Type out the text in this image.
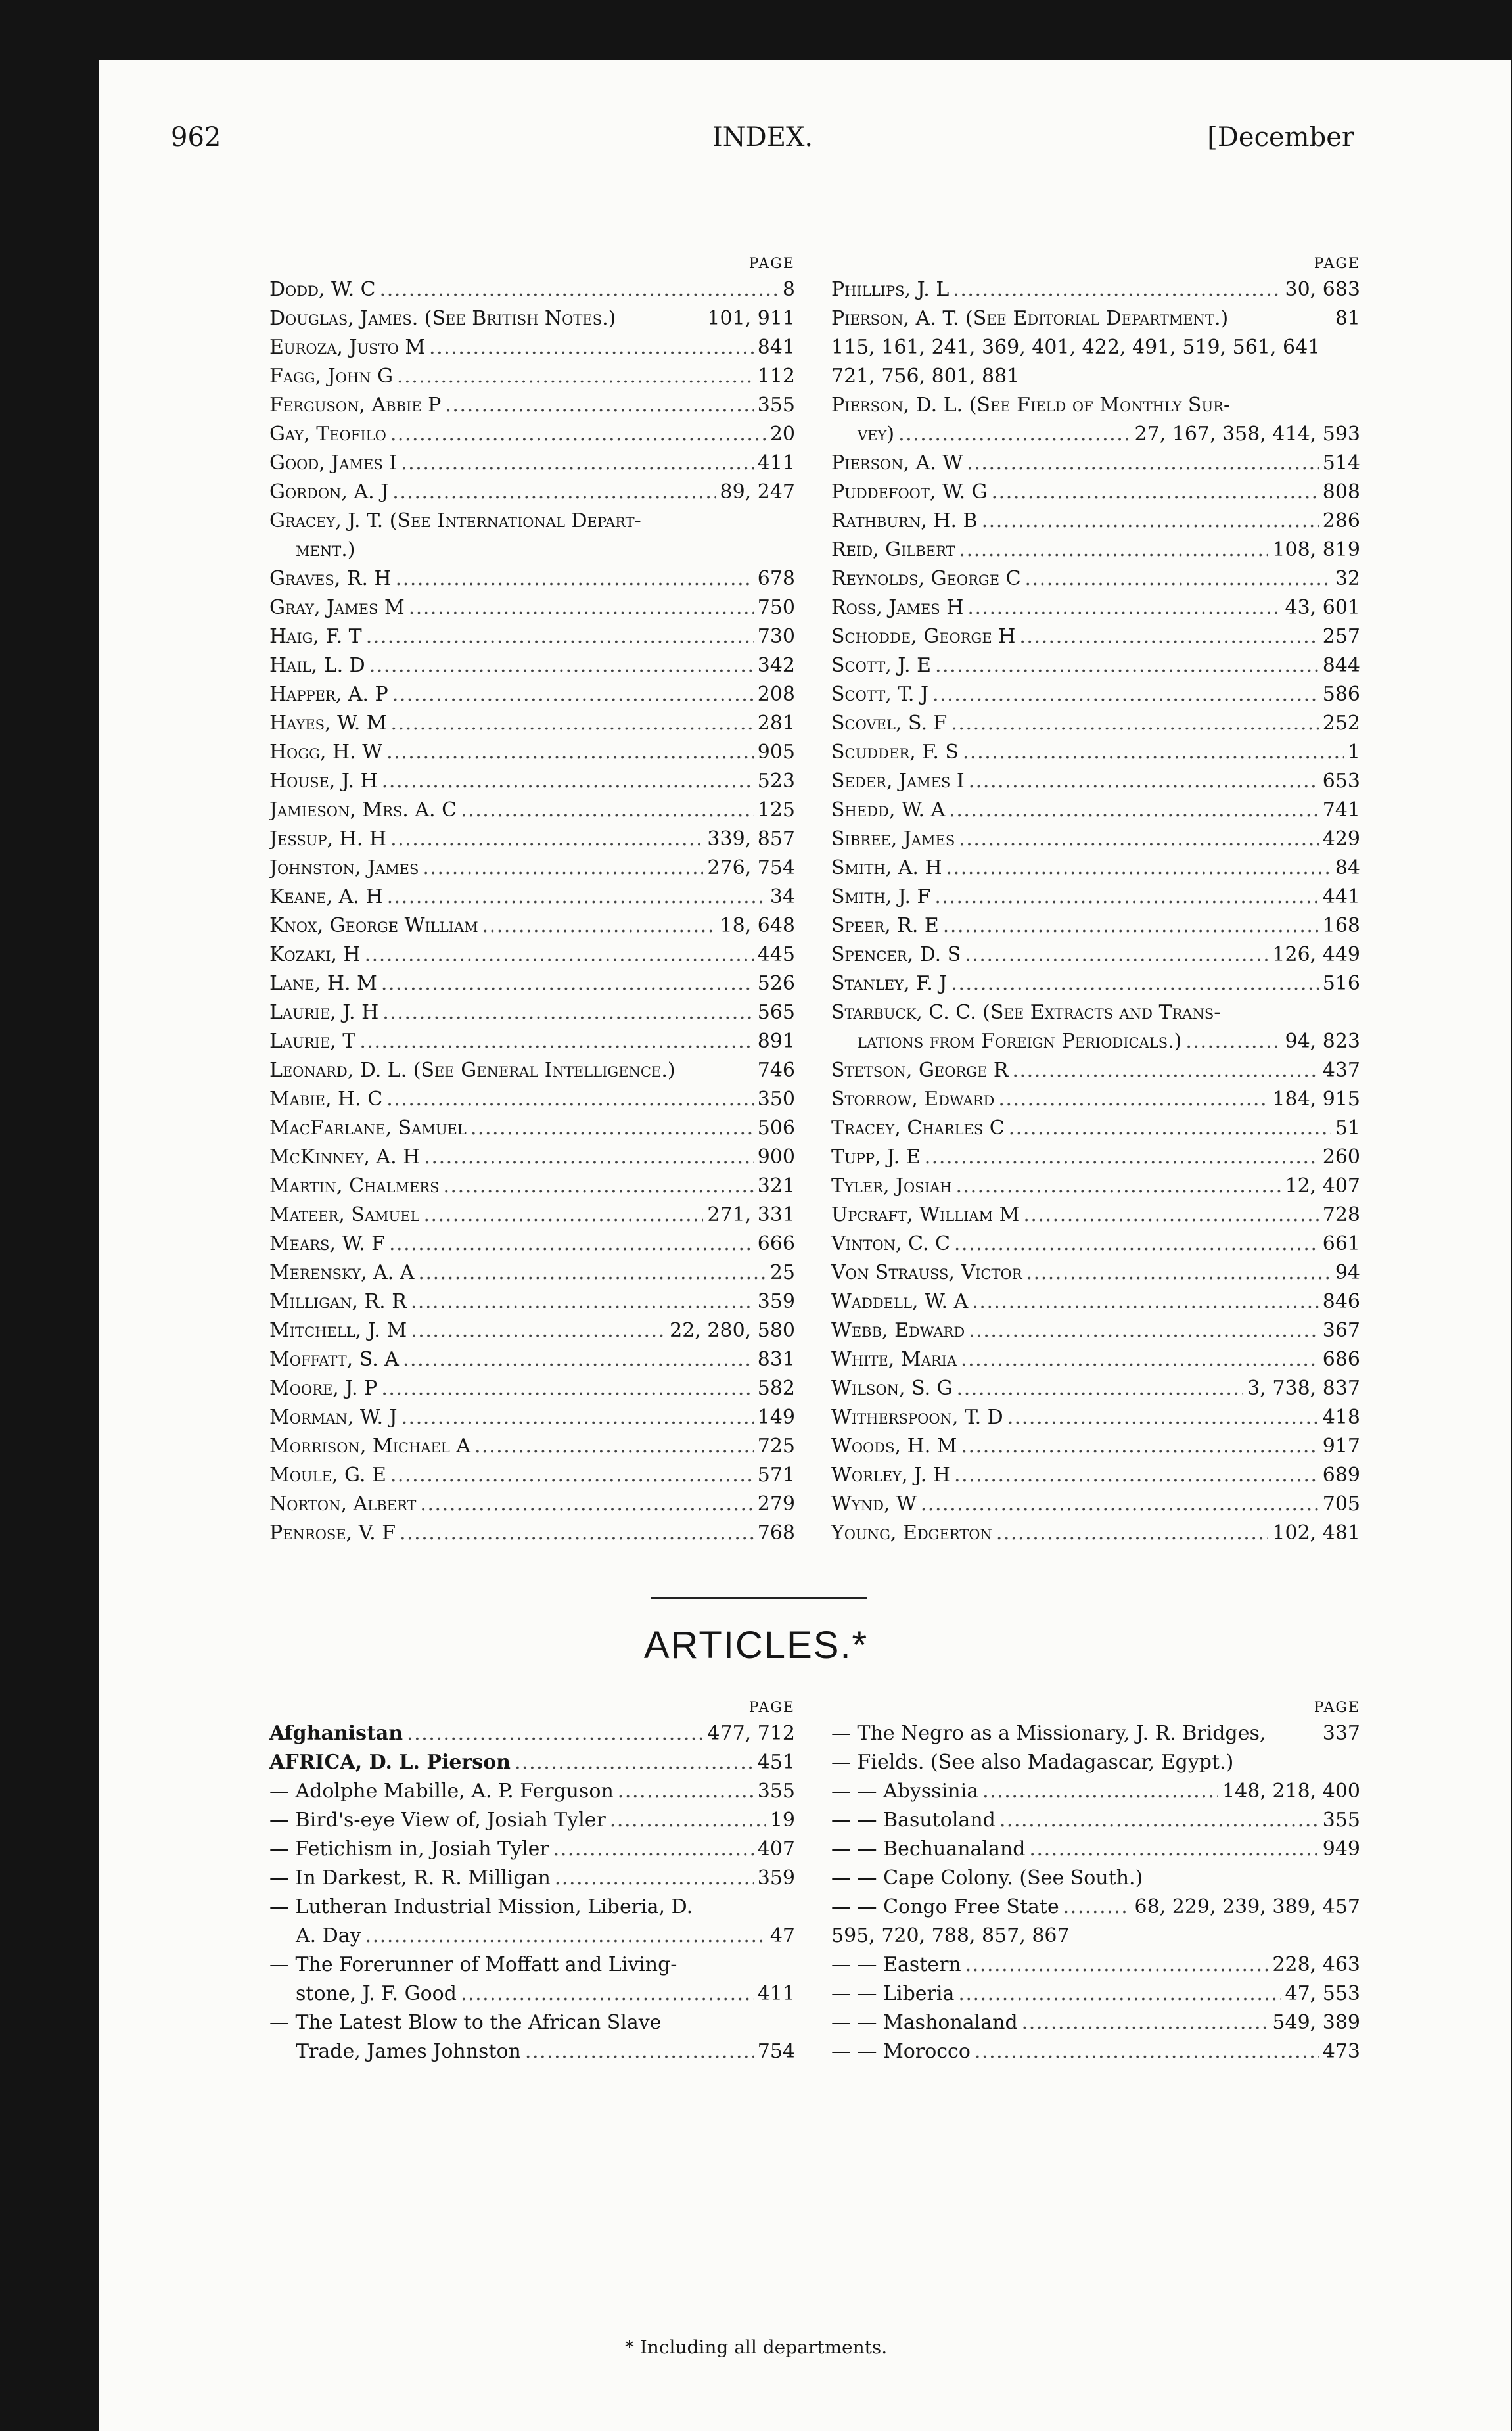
962	INDEX.	[December
PAGE
Dodd, W. C . . .	8
Douglas, James. (See British Notes.)	101, 911
Euroza, Justo M . . .	841
Fagg, John G . . .	112
Ferguson, Abbie P . . .	355
Gay, Teofilo . . .	20
Good, James I . . .	411
Gordon, A. J . . .	89, 247
Gracey, J. T. (See International Depart-
ment.)
Graves, R. H . . .	678
Gray, James M . . .	750
Haig, F. T . . .	730
Hail, L. D . . .	342
Happer, A. P . . .	208
Hayes, W. M . . .	281
Hogg, H. W . . .	905
House, J. H . . .	523
Jamieson, Mrs. A. C . . .	125
Jessup, H. H . . .	339, 857
Johnston, James . . .	276, 754
Keane, A. H . . .	34
Knox, George William . . .	18, 648
Kozaki, H . . .	445
Lane, H. M . . .	526
Laurie, J. H . . .	565
Laurie, T . . .	891
Leonard, D. L. (See General Intelligence.)	746
Mabie, H. C . . .	350
MacFarlane, Samuel . . .	506
McKinney, A. H . . .	900
Martin, Chalmers . . .	321
Mateer, Samuel . . .	271, 331
Mears, W. F . . .	666
Merensky, A. A . . .	25
Milligan, R. R . . .	359
Mitchell, J. M . . .	22, 280, 580
Moffatt, S. A . . .	831
Moore, J. P . . .	582
Morman, W. J . . .	149
Morrison, Michael A . . .	725
Moule, G. E . . .	571
Norton, Albert . . .	279
Penrose, V. F . . .	768
PAGE
Phillips, J. L . . .	30, 683
Pierson, A. T. (See Editorial Department.)	81
115, 161, 241, 369, 401, 422, 491, 519, 561, 641
721, 756, 801, 881
Pierson, D. L. (See Field of Monthly Sur-
vey) . . .	27, 167, 358, 414, 593
Pierson, A. W . . .	514
Puddefoot, W. G . . .	808
Rathburn, H. B . . .	286
Reid, Gilbert . . .	108, 819
Reynolds, George C . . .	32
Ross, James H . . .	43, 601
Schodde, George H . . .	257
Scott, J. E . . .	844
Scott, T. J . . .	586
Scovel, S. F . . .	252
Scudder, F. S . . .	1
Seder, James I . . .	653
Shedd, W. A . . .	741
Sibree, James . . .	429
Smith, A. H . . .	84
Smith, J. F . . .	441
Speer, R. E . . .	168
Spencer, D. S . . .	126, 449
Stanley, F. J . . .	516
Starbuck, C. C. (See Extracts and Trans-
lations from Foreign Periodicals.) . . .	94, 823
Stetson, George R . . .	437
Storrow, Edward . . .	184, 915
Tracey, Charles C . . .	51
Tupp, J. E . . .	260
Tyler, Josiah . . .	12, 407
Upcraft, William M . . .	728
Vinton, C. C . . .	661
Von Strauss, Victor . . .	94
Waddell, W. A . . .	846
Webb, Edward . . .	367
White, Maria . . .	686
Wilson, S. G . . .	3, 738, 837
Witherspoon, T. D . . .	418
Woods, H. M . . .	917
Worley, J. H . . .	689
Wynd, W . . .	705
Young, Edgerton . . .	102, 481
ARTICLES.*
PAGE
Afghanistan . . .	477, 712
AFRICA, D. L. Pierson . . .	451
— Adolphe Mabille, A. P. Ferguson . . .	355
— Bird's-eye View of, Josiah Tyler . . .	19
— Fetichism in, Josiah Tyler . . .	407
— In Darkest, R. R. Milligan . . .	359
— Lutheran Industrial Mission, Liberia, D.
A. Day . . .	47
— The Forerunner of Moffatt and Living-
stone, J. F. Good . . .	411
— The Latest Blow to the African Slave
Trade, James Johnston . . .	754
PAGE
— The Negro as a Missionary, J. R. Bridges,	337
— Fields. (See also Madagascar, Egypt.)
— — Abyssinia . . .	148, 218, 400
— — Basutoland . . .	355
— — Bechuanaland . . .	949
— — Cape Colony. (See South.)
— — Congo Free State . . .	68, 229, 239, 389, 457
595, 720, 788, 857, 867
— — Eastern . . .	228, 463
— — Liberia . . .	47, 553
— — Mashonaland . . .	549, 389
— — Morocco . . .	473
* Including all departments.
